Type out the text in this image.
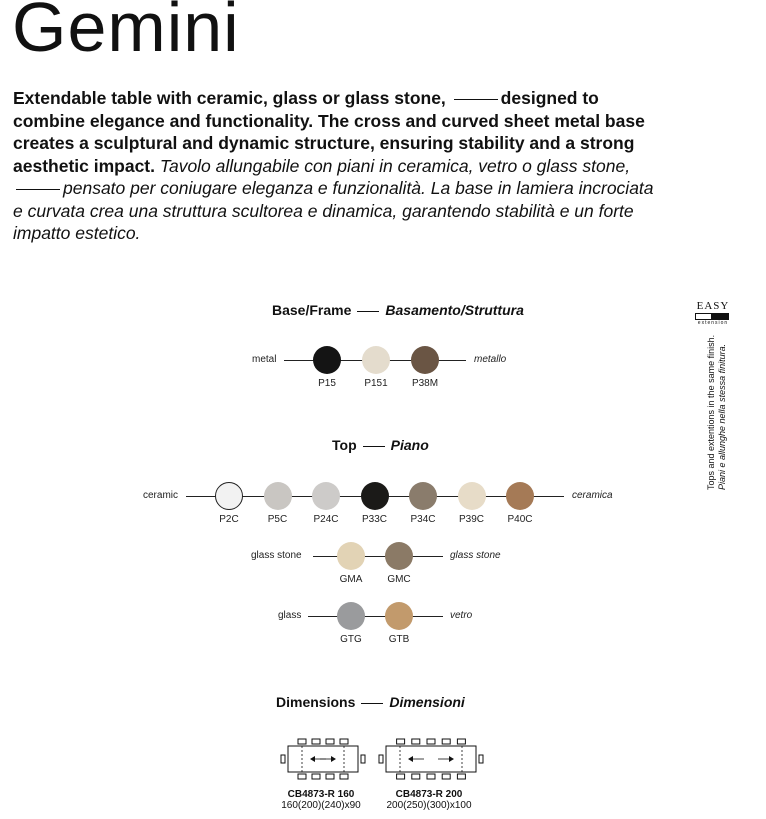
Gemini
Extendable table with ceramic, glass or glass stone,	designed to combine elegance and functionality. The cross and curved sheet metal base creates a sculptural and dynamic structure, ensuring stability and a strong aesthetic impact. Tavolo allungabile con piani in ceramica, vetro o glass stone, pensato per coniugare eleganza e funzionalità. La base in lamiera incrociata e curvata crea una struttura scultorea e dinamica, garantendo stabilità e un forte impatto estetico.
Base/Frame Basamento/Struttura
metal	metallo
P15	P151	P38M
Top Piano
ceramic	ceramica
P2C	P5C	P24C	P33C	P34C	P39C	P40C
glass stone	glass stone
GMA	GMC
glass	vetro
GTG	GTB
EASY
extension
Tops and extentions in the same finish. Piani e allunghe nella stessa finitura.
Dimensions Dimensioni
CB4873-R 160
160(200)(240)x90
CB4873-R 200
200(250)(300)x100
